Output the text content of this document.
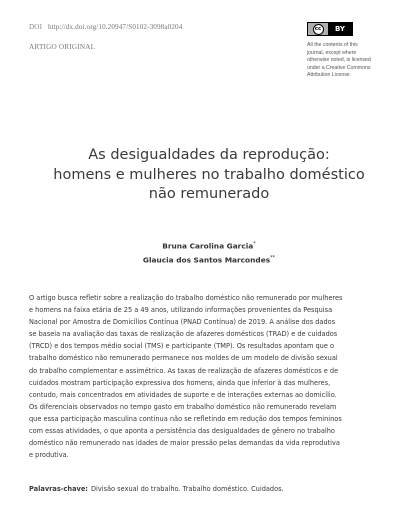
DOI http://dx.doi.org/10.20947/S0102-3098a0204
ARTIGO ORIGINAL
cc	BY
All the contents of this
journal, except where
otherwise noted, is licensed
under a Creative Commons
Attribution License
As desigualdades da reprodução:
homens e mulheres no trabalho doméstico
não remunerado
Bruna Carolina Garcia*
Glaucia dos Santos Marcondes**
O artigo busca refletir sobre a realização do trabalho doméstico não remunerado por mulheres
e homens na faixa etária de 25 a 49 anos, utilizando informações provenientes da Pesquisa
Nacional por Amostra de Domicílios Contínua (PNAD Contínua) de 2019. A análise dos dados
se baseia na avaliação das taxas de realização de afazeres domésticos (TRAD) e de cuidados
(TRCD) e dos tempos médio social (TMS) e participante (TMP). Os resultados apontam que o
trabalho doméstico não remunerado permanece nos moldes de um modelo de divisão sexual
do trabalho complementar e assimétrico. As taxas de realização de afazeres domésticos e de
cuidados mostram participação expressiva dos homens, ainda que inferior à das mulheres,
contudo, mais concentrados em atividades de suporte e de interações externas ao domicílio.
Os diferenciais observados no tempo gasto em trabalho doméstico não remunerado revelam
que essa participação masculina contínua não se refletindo em redução dos tempos femininos
com essas atividades, o que aponta a persistência das desigualdades de gênero no trabalho
doméstico não remunerado nas idades de maior pressão pelas demandas da vida reprodutiva
e produtiva.
Palavras-chave: Divisão sexual do trabalho. Trabalho doméstico. Cuidados.
